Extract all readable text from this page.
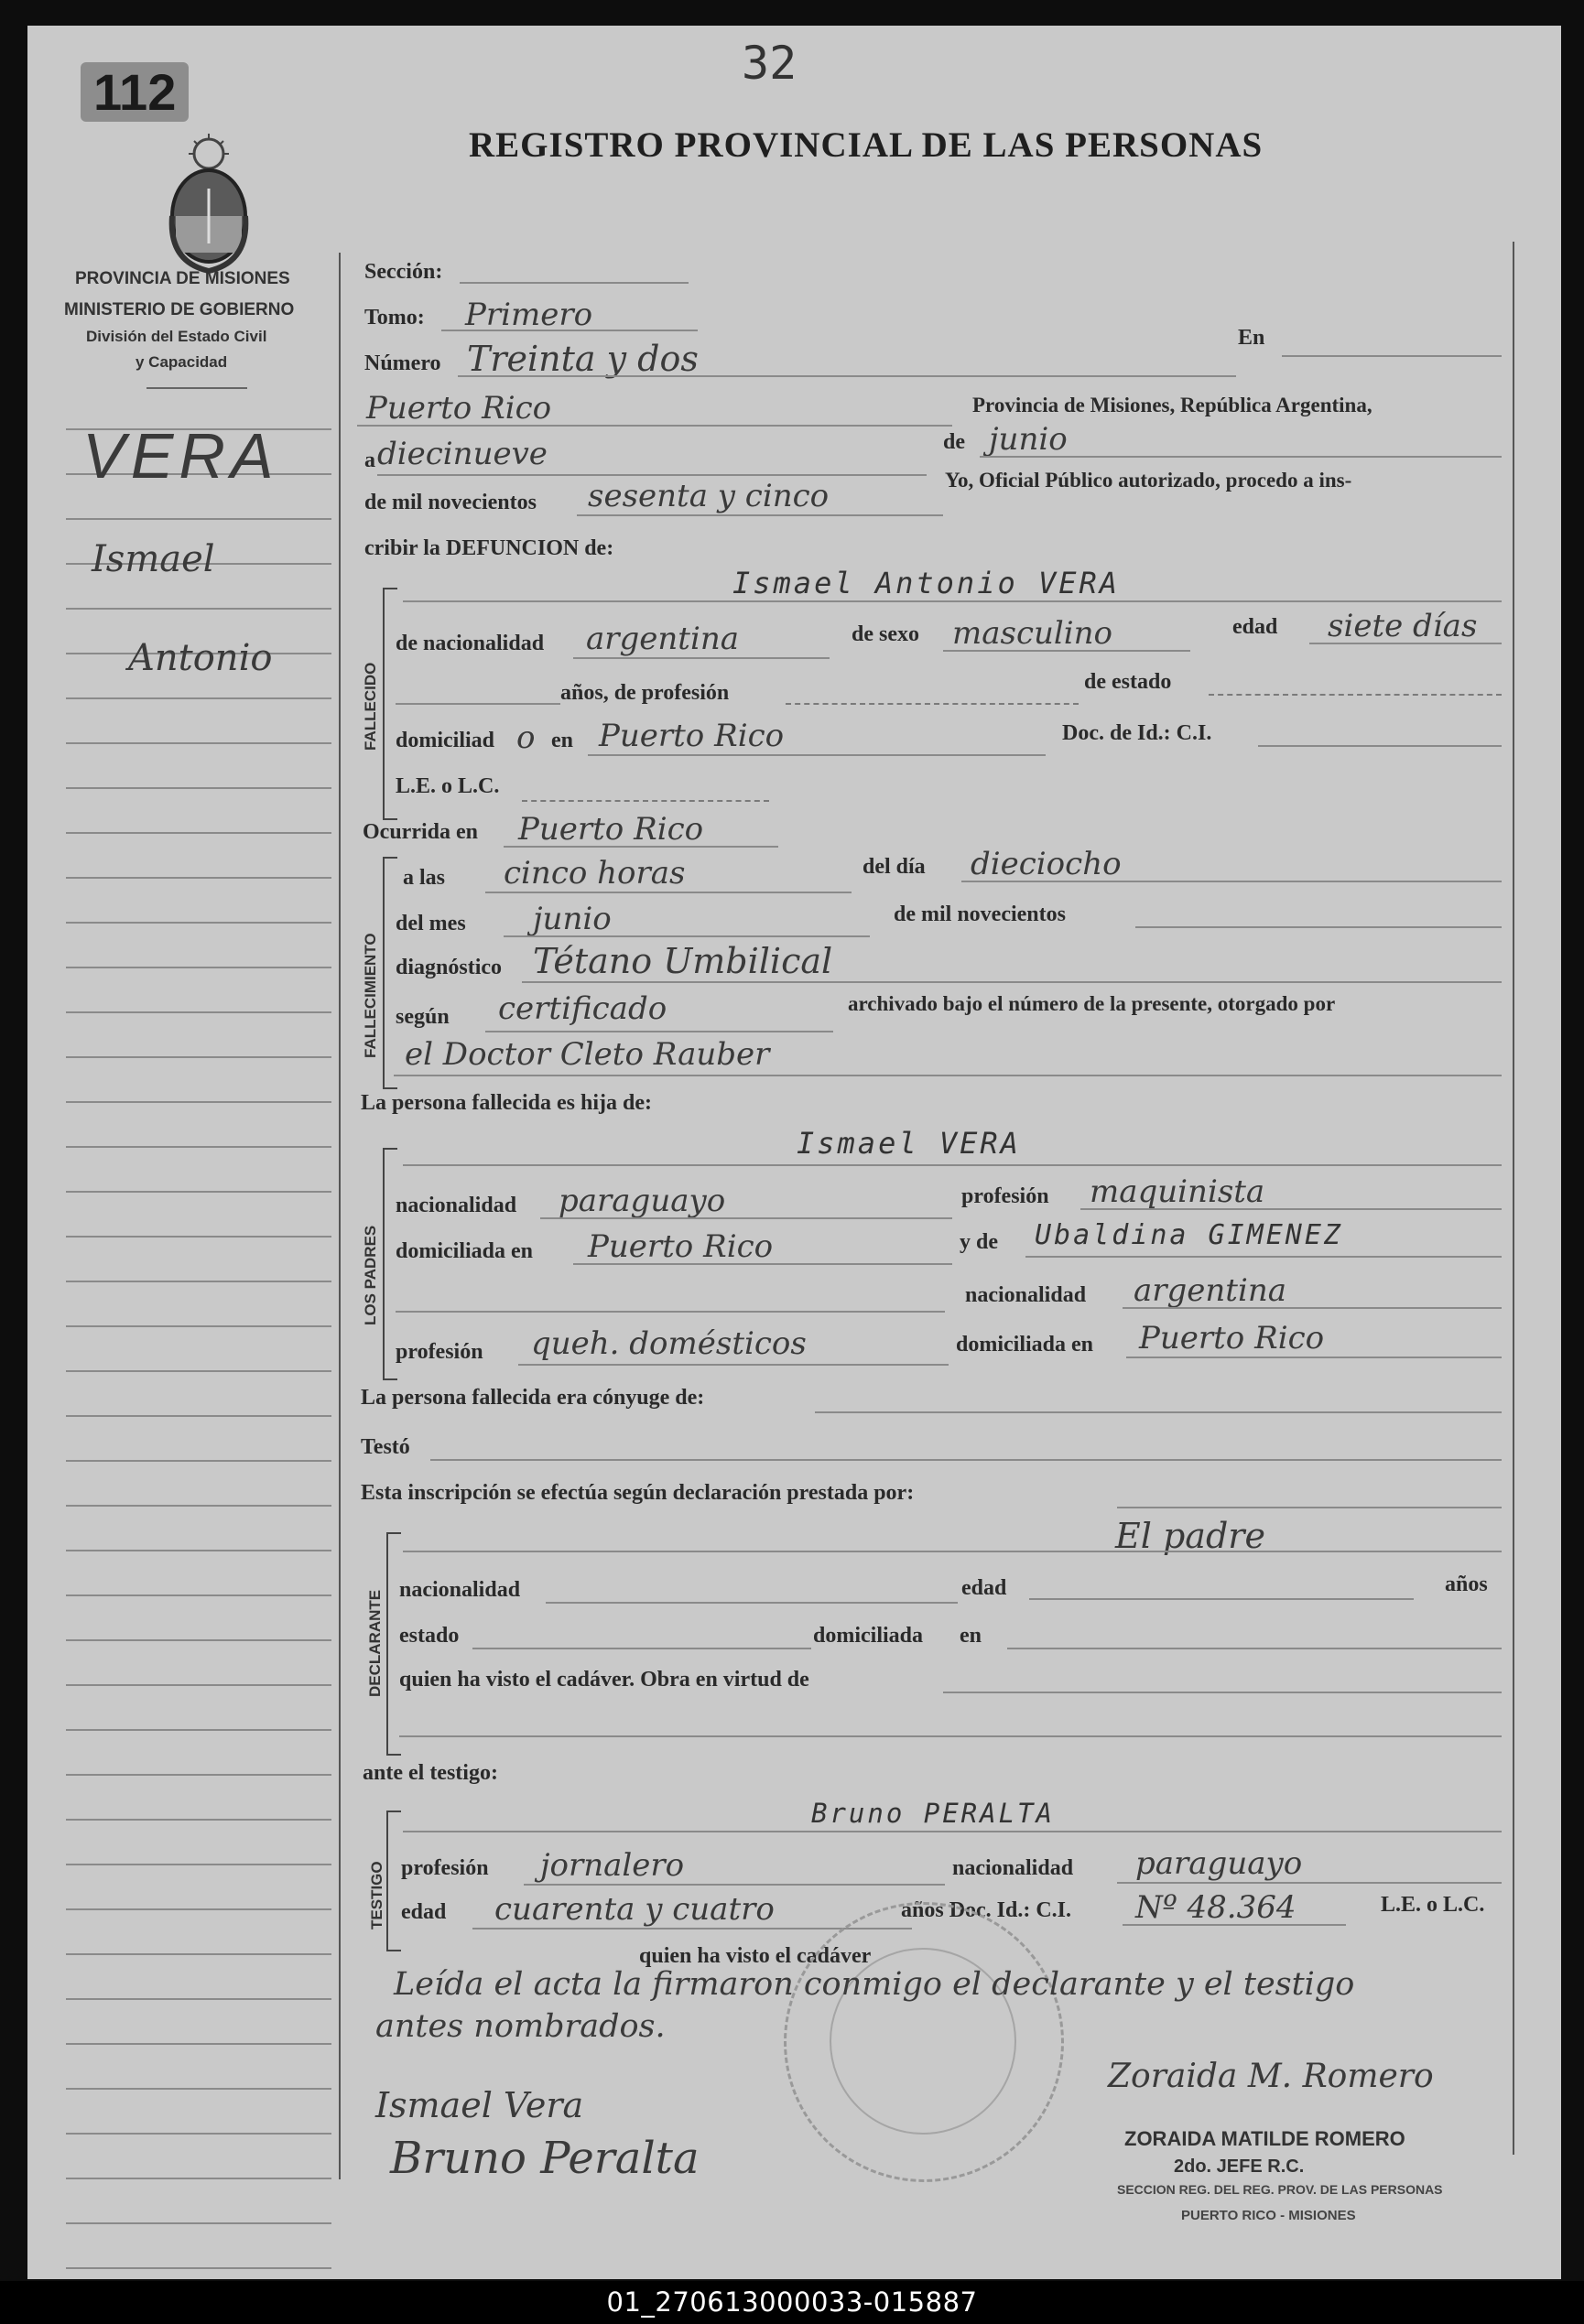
112	32
REGISTRO PROVINCIAL DE LAS PERSONAS
PROVINCIA DE MISIONES
MINISTERIO DE GOBIERNO
División del Estado Civil
y Capacidad
VERA
Ismael
Antonio
Sección:
Tomo: Primero
Número Treinta y dos
En
Puerto Rico	Provincia de Misiones, República Argentina,
a diecinueve	de junio
de mil novecientos sesenta y cinco	Yo, Oficial Público autorizado, procedo a ins-
cribir la DEFUNCION de:
FALLECIDO
Ismael Antonio VERA
de nacionalidad argentina	de sexo masculino	edad siete días
años, de profesión	de estado
domiciliad o en Puerto Rico	Doc. de Id.: C.I.
L.E. o L.C.
Ocurrida en Puerto Rico
FALLECIMIENTO
a las cinco horas	del día dieciocho
del mes junio	de mil novecientos
diagnóstico Tétano Umbilical
según certificado	archivado bajo el número de la presente, otorgado por
el Doctor Cleto Rauber
La persona fallecida es hija de:
LOS PADRES
Ismael VERA
nacionalidad paraguayo	profesión maquinista
domiciliada en Puerto Rico	y de Ubaldina GIMENEZ
nacionalidad argentina
profesión queh. domésticos	domiciliada en Puerto Rico
La persona fallecida era cónyuge de:
Testó
Esta inscripción se efectúa según declaración prestada por:
DECLARANTE
El padre
nacionalidad	edad	años
estado	domiciliada en
quien ha visto el cadáver. Obra en virtud de
ante el testigo:
TESTIGO
Bruno PERALTA
profesión jornalero	nacionalidad paraguayo
edad cuarenta y cuatro	años Doc. Id.: C.I. Nº 48.364	L.E. o L.C.
quien ha visto el cadáver
Leída el acta la firmaron conmigo el declarante y el testigo
antes nombrados.
Zoraida M. Romero
Ismael Vera
Bruno Peralta	ZORAIDA MATILDE ROMERO
2do. JEFE R.C.
SECCION REG. DEL REG. PROV. DE LAS PERSONAS
PUERTO RICO - MISIONES
01_270613000033-015887
